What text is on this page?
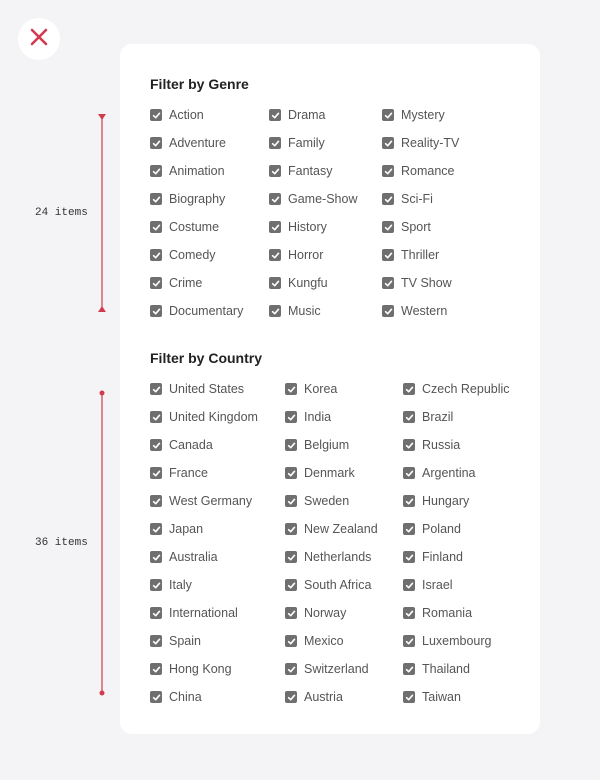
24 items
36 items
Filter by Genre
Action
Adventure
Animation
Biography
Costume
Comedy
Crime
Documentary
Drama
Family
Fantasy
Game-Show
History
Horror
Kungfu
Music
Mystery
Reality-TV
Romance
Sci-Fi
Sport
Thriller
TV Show
Western
Filter by Country
United States
United Kingdom
Canada
France
West Germany
Japan
Australia
Italy
International
Spain
Hong Kong
China
Korea
India
Belgium
Denmark
Sweden
New Zealand
Netherlands
South Africa
Norway
Mexico
Switzerland
Austria
Czech Republic
Brazil
Russia
Argentina
Hungary
Poland
Finland
Israel
Romania
Luxembourg
Thailand
Taiwan
